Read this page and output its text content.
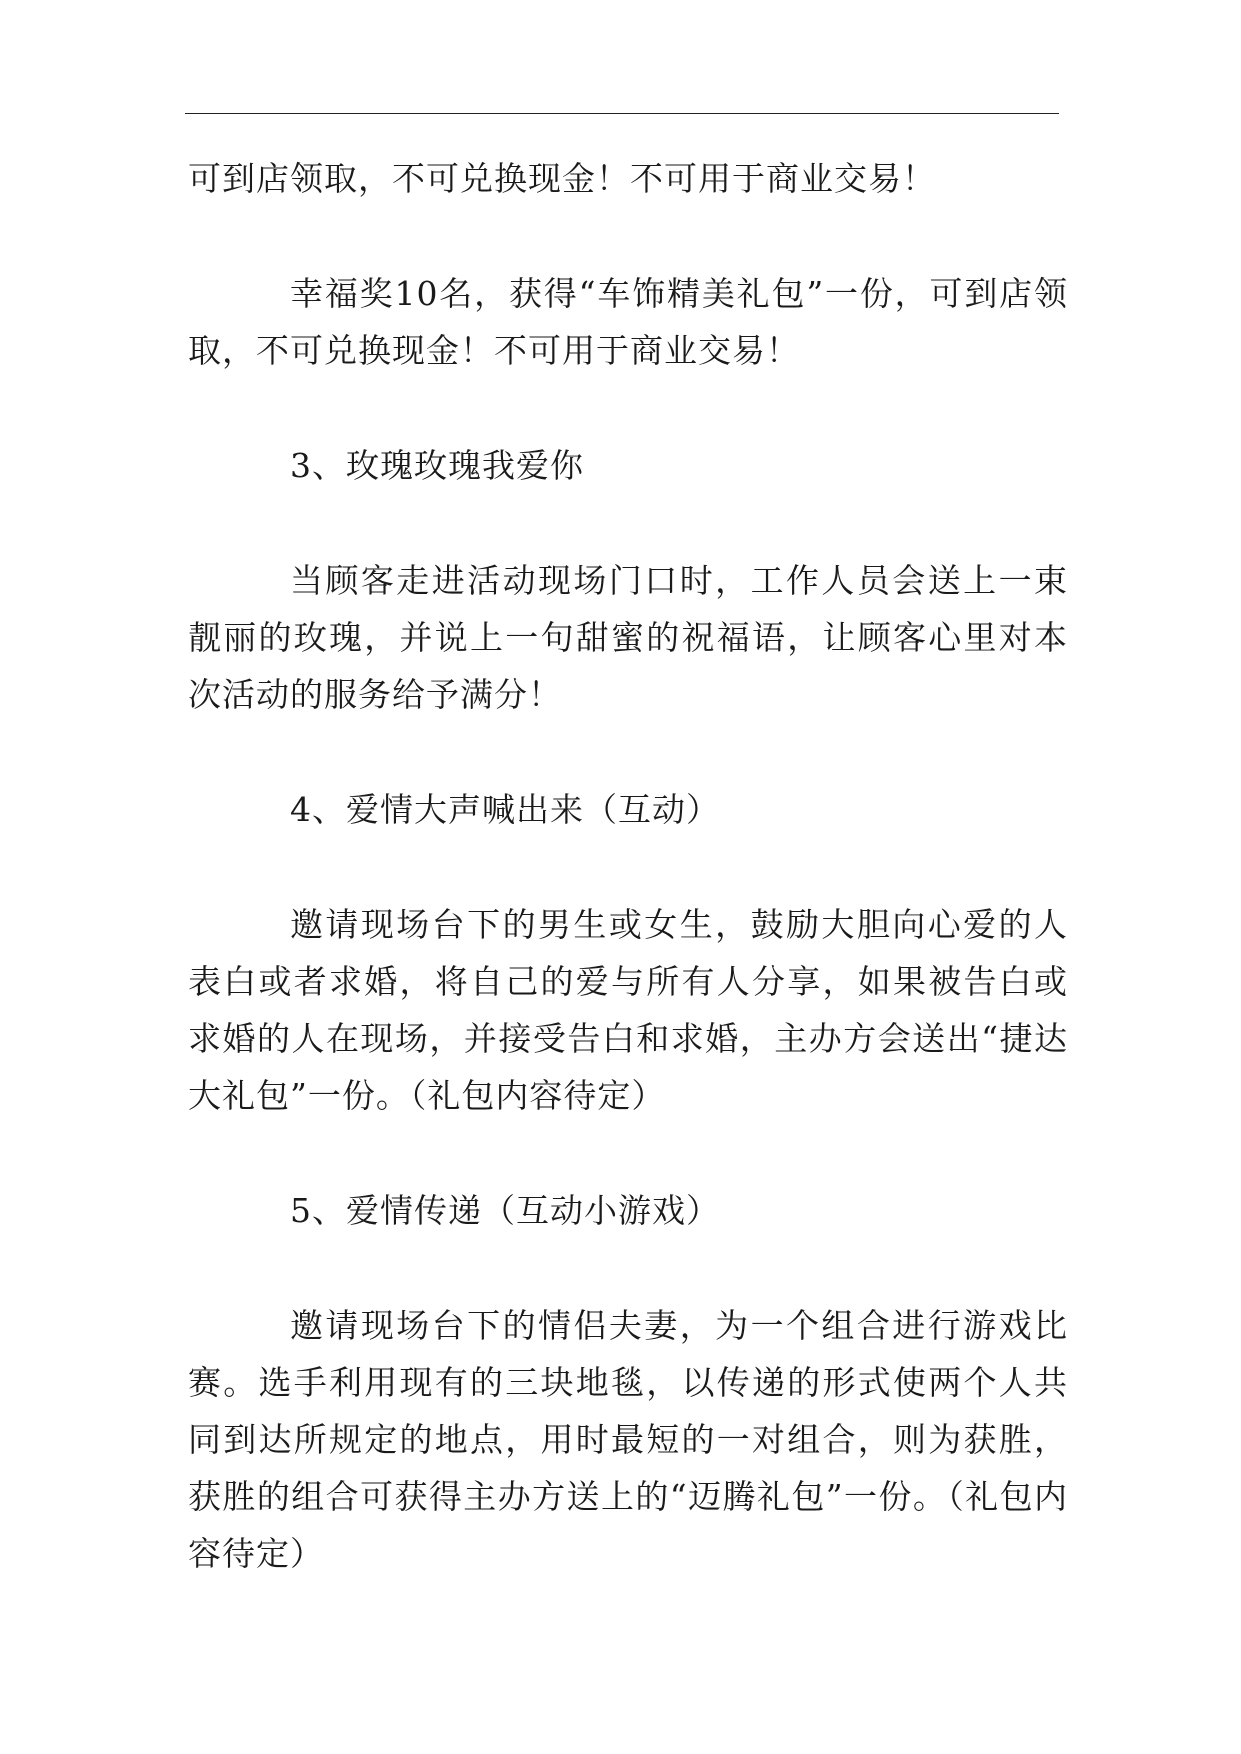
可到店领取，不可兑换现金！不可用于商业交易！

幸福奖10名，获得“车饰精美礼包”一份，可到店领取，不可兑换现金！不可用于商业交易！

3、玫瑰玫瑰我爱你

当顾客走进活动现场门口时，工作人员会送上一束靓丽的玫瑰，并说上一句甜蜜的祝福语，让顾客心里对本次活动的服务给予满分！

4、爱情大声喊出来（互动）

邀请现场台下的男生或女生，鼓励大胆向心爱的人表白或者求婚，将自己的爱与所有人分享，如果被告白或求婚的人在现场，并接受告白和求婚，主办方会送出“捷达大礼包”一份。（礼包内容待定）

5、爱情传递（互动小游戏）

邀请现场台下的情侣夫妻，为一个组合进行游戏比赛。选手利用现有的三块地毯，以传递的形式使两个人共同到达所规定的地点，用时最短的一对组合，则为获胜，获胜的组合可获得主办方送上的“迈腾礼包”一份。（礼包内容待定）
